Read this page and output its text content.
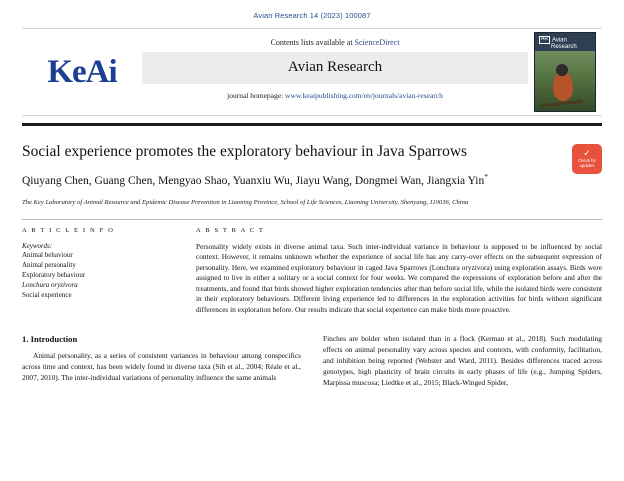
Avian Research 14 (2023) 100087
KeAi
Contents lists available at ScienceDirect
Avian Research
journal homepage: www.keaipublishing.com/en/journals/avian-research
AR Avian
Research
Social experience promotes the exploratory behaviour in Java Sparrows
Qiuyang Chen, Guang Chen, Mengyao Shao, Yuanxiu Wu, Jiayu Wang, Dongmei Wan, Jiangxia Yin*
The Key Laboratory of Animal Resource and Epidemic Disease Prevention in Liaoning Province, School of Life Sciences, Liaoning University, Shenyang, 110036, China
✓
Check for
updates
A R T I C L E I N F O
Keywords:
Animal behaviour
Animal personality
Exploratory behaviour
Lonchura oryzivora
Social experience
A B S T R A C T
Personality widely exists in diverse animal taxa. Such inter-individual variance in behaviour is supposed to be influenced by social context. However, it remains unknown whether the experience of social life has any carry-over effects on the subsequent expression of personality. Here, we examined exploratory behaviour in caged Java Sparrows (Lonchura oryzivora) using exploration assays. Birds were assigned to live in either a solitary or a social context for four weeks. We compared the expressions of exploration before and after the treatments, and found that birds showed higher exploration tendencies after than before social life, while the isolated birds were consistent in their exploratory behaviours. Different living experience led to differences in the exploration activities for birds without significant differences in exploration before. Our results indicate that social experience can make birds more proactive.
1. Introduction
Animal personality, as a series of consistent variances in behaviour among conspecifics across time and context, has been widely found in diverse taxa (Sih et al., 2004; Réale et al., 2007, 2010). The inter-individual variations of personality influence the same animals
Finches are bolder when isolated than in a flock (Kerman et al., 2018). Such modulating effects on animal personality vary across species and contexts, with conformity, facilitation, and inhibition being reported (Webster and Ward, 2011). Besides differences traced across genotypes, high plasticity of brain circuits in early phases of life (e.g., Jumping Spiders, Marpissa muscosa; Liedtke et al., 2015; Black-Winged Spider,
